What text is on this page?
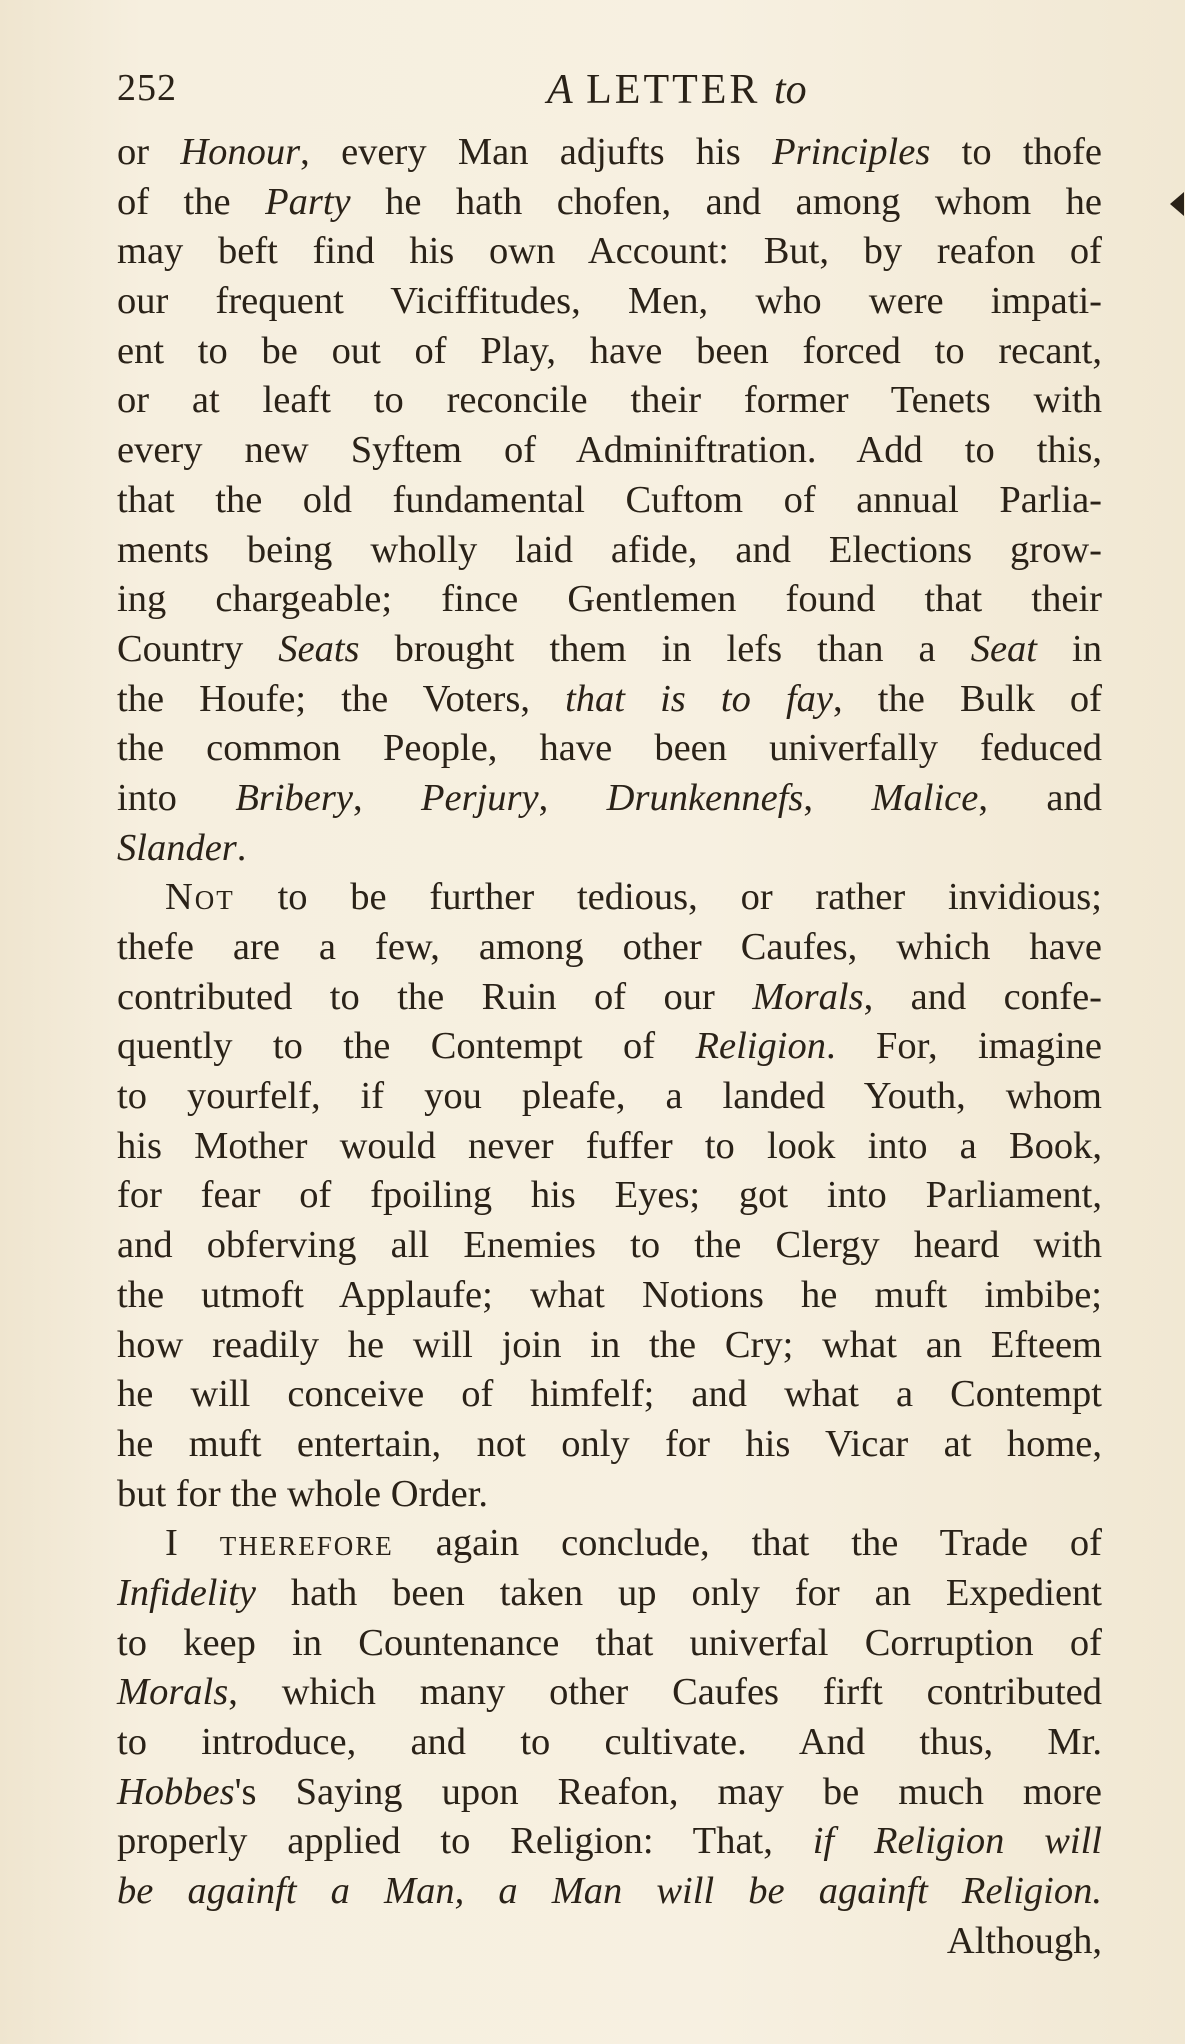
252	A LETTER to
or Honour, every Man adjufts his Principles to thofe
of the Party he hath chofen, and among whom he
may beft find his own Account: But, by reafon of
our frequent Viciffitudes, Men, who were impati-
ent to be out of Play, have been forced to recant,
or at leaft to reconcile their former Tenets with
every new Syftem of Adminiftration. Add to this,
that the old fundamental Cuftom of annual Parlia-
ments being wholly laid afide, and Elections grow-
ing chargeable; fince Gentlemen found that their
Country Seats brought them in lefs than a Seat in
the Houfe; the Voters, that is to fay, the Bulk of
the common People, have been univerfally feduced
into Bribery, Perjury, Drunkennefs, Malice, and
Slander.
Not to be further tedious, or rather invidious;
thefe are a few, among other Caufes, which have
contributed to the Ruin of our Morals, and confe-
quently to the Contempt of Religion. For, imagine
to yourfelf, if you pleafe, a landed Youth, whom
his Mother would never fuffer to look into a Book,
for fear of fpoiling his Eyes; got into Parliament,
and obferving all Enemies to the Clergy heard with
the utmoft Applaufe; what Notions he muft imbibe;
how readily he will join in the Cry; what an Efteem
he will conceive of himfelf; and what a Contempt
he muft entertain, not only for his Vicar at home,
but for the whole Order.
I therefore again conclude, that the Trade of
Infidelity hath been taken up only for an Expedient
to keep in Countenance that univerfal Corruption of
Morals, which many other Caufes firft contributed
to introduce, and to cultivate. And thus, Mr.
Hobbes's Saying upon Reafon, may be much more
properly applied to Religion: That, if Religion will
be againft a Man, a Man will be againft Religion.
Although,
